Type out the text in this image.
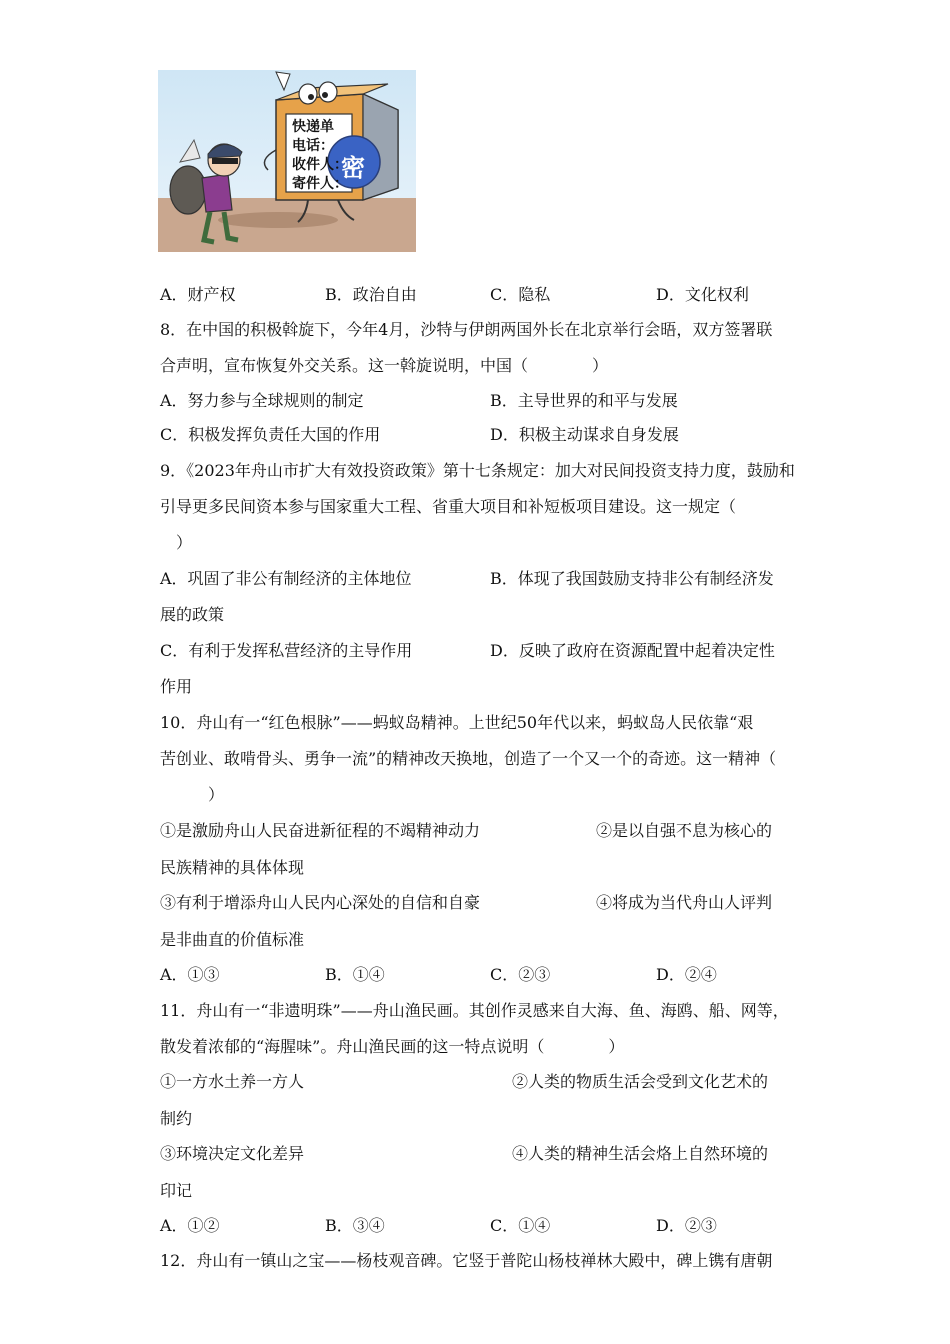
快递单
电话：
收件人：
寄件人：
密
A．财产权	B．政治自由	C．隐私	D．文化权利
8．在中国的积极斡旋下，今年4月，沙特与伊朗两国外长在北京举行会晤，双方签署联
合声明，宣布恢复外交关系。这一斡旋说明，中国（　　　　）
A．努力参与全球规则的制定	B．主导世界的和平与发展
C．积极发挥负责任大国的作用	D．积极主动谋求自身发展
9．《2023年舟山市扩大有效投资政策》第十七条规定：加大对民间投资支持力度，鼓励和
引导更多民间资本参与国家重大工程、省重大项目和补短板项目建设。这一规定（
　）
A．巩固了非公有制经济的主体地位	B．体现了我国鼓励支持非公有制经济发
展的政策
C．有利于发挥私营经济的主导作用	D．反映了政府在资源配置中起着决定性
作用
10．舟山有一“红色根脉”——蚂蚁岛精神。上世纪50年代以来，蚂蚁岛人民依靠“艰
苦创业、敢啃骨头、勇争一流”的精神改天换地，创造了一个又一个的奇迹。这一精神（
　　　）
①是激励舟山人民奋进新征程的不竭精神动力	②是以自强不息为核心的
民族精神的具体体现
③有利于增添舟山人民内心深处的自信和自豪	④将成为当代舟山人评判
是非曲直的价值标准
A．①③	B．①④	C．②③	D．②④
11．舟山有一“非遗明珠”——舟山渔民画。其创作灵感来自大海、鱼、海鸥、船、网等，
散发着浓郁的“海腥味”。舟山渔民画的这一特点说明（　　　　）
①一方水土养一方人	②人类的物质生活会受到文化艺术的
制约
③环境决定文化差异	④人类的精神生活会烙上自然环境的
印记
A．①②	B．③④	C．①④	D．②③
12．舟山有一镇山之宝——杨枝观音碑。它竖于普陀山杨枝禅林大殿中，碑上镌有唐朝
